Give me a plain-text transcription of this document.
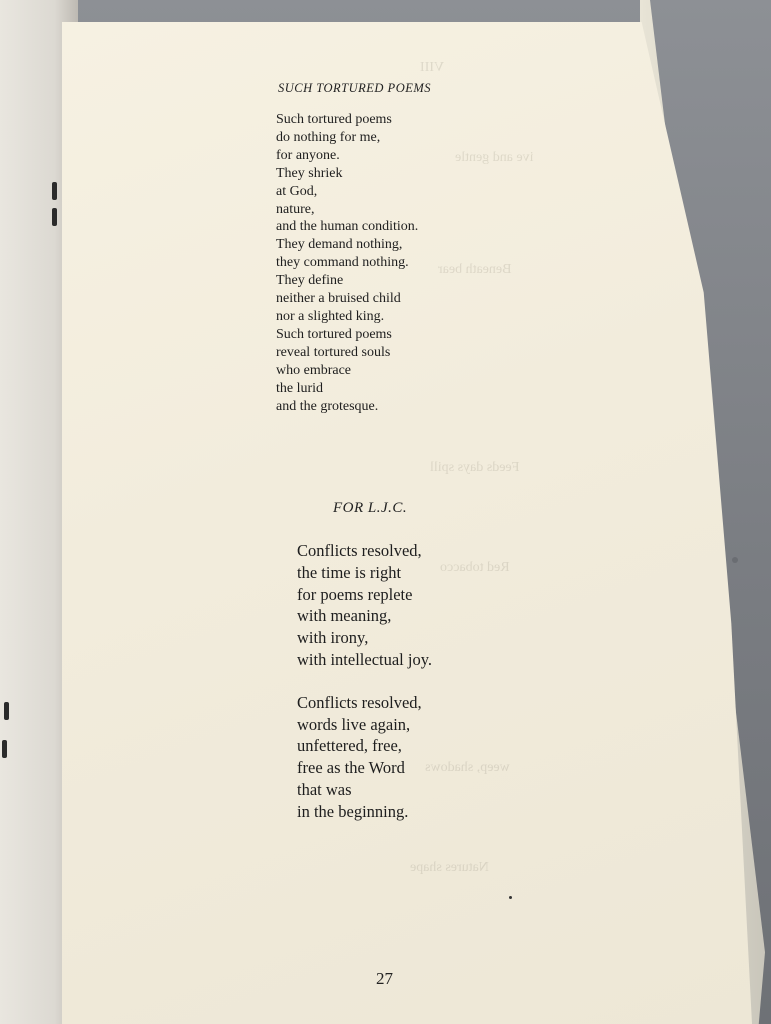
SUCH TORTURED POEMS
Such tortured poems
do nothing for me,
for anyone.
They shriek
at God,
nature,
and the human condition.
They demand nothing,
they command nothing.
They define
neither a bruised child
nor a slighted king.
Such tortured poems
reveal tortured souls
who embrace
the lurid
and the grotesque.
FOR L.J.C.
Conflicts resolved,
the time is right
for poems replete
with meaning,
with irony,
with intellectual joy.
Conflicts resolved,
words live again,
unfettered, free,
free as the Word
that was
in the beginning.
27
